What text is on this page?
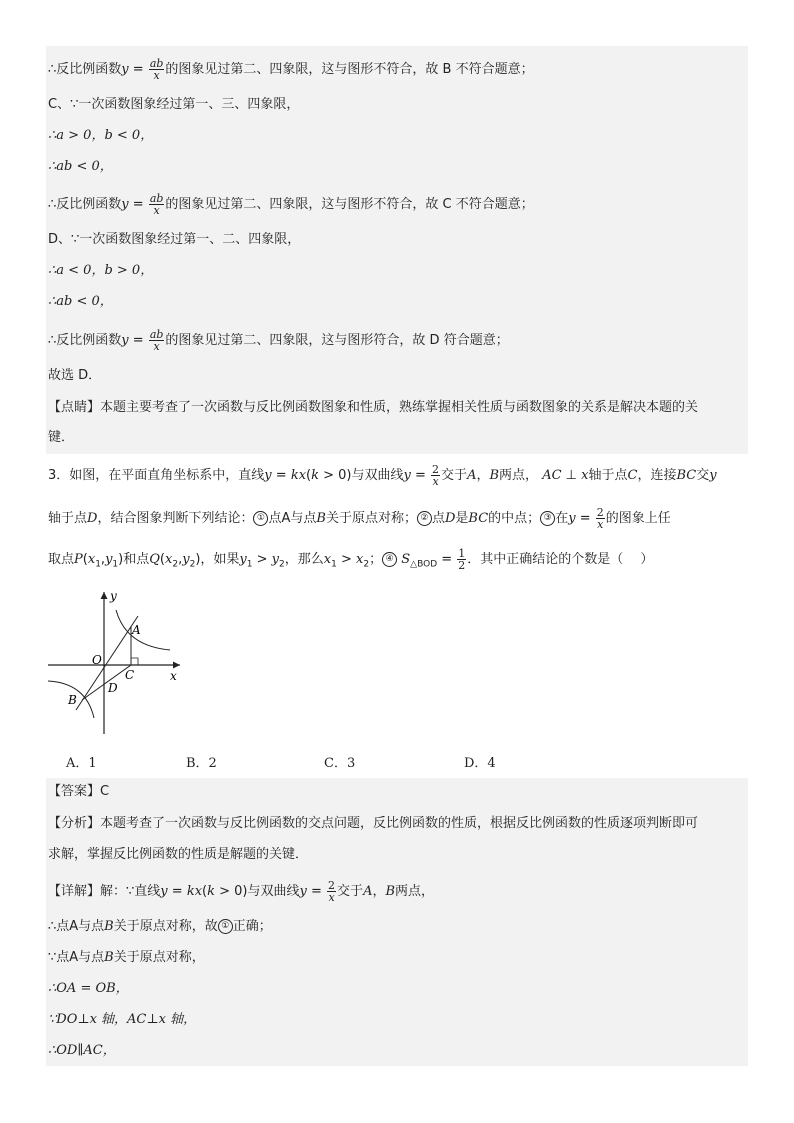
∴反比例函数$y = \frac{ab}{x}$ 的图象见过第二、四象限，这与图形不符合，故 B 不符合题意；
C、∵一次函数图象经过第一、三、四象限，
∴a > 0，b < 0，
∴ab < 0，
∴反比例函数$y = \frac{ab}{x}$ 的图象见过第二、四象限，这与图形不符合，故 C 不符合题意；
D、∵一次函数图象经过第一、二、四象限，
∴a < 0，b > 0，
∴ab < 0，
∴反比例函数$y = \frac{ab}{x}$ 的图象见过第二、四象限，这与图形符合，故 D 符合题意；
故选 D．
【点睛】本题主要考查了一次函数与反比例函数图象和性质，熟练掌握相关性质与函数图象的关系是解决本题的关
键．
3．如图，在平面直角坐标系中，直线y = kx(k > 0)与双曲线$y = \frac{2}{x}$ 交于A，B两点， AC ⊥ x轴于点C，连接BC交y
轴于点D，结合图象判断下列结论： ① 点A与点B关于原点对称； ② 点D是BC的中点； ③ 在$y = \frac{2}{x}$ 的图象上任
取点$P(x_1,y_1)$和点$Q(x_2,y_2)$，如果$y_1 > y_2$，那么$x_1 > x_2$； ④ $S_{\triangle BOD} = \frac{1}{2}$ ．其中正确结论的个数是（　 ）
y
A
O
C	x
D
B
A．1	B．2	C．3	D．4
【答案】C
【分析】本题考查了一次函数与反比例函数的交点问题，反比例函数的性质，根据反比例函数的性质逐项判断即可
求解，掌握反比例函数的性质是解题的关键．
【详解】解：∵直线y = kx(k > 0)与双曲线$y = \frac{2}{x}$ 交于A，B两点，
∴点A与点B关于原点对称，故 ① 正确；
∵点A与点B关于原点对称，
∴OA = OB，
∵DO⊥x 轴，AC⊥x 轴，
∴OD∥AC，
